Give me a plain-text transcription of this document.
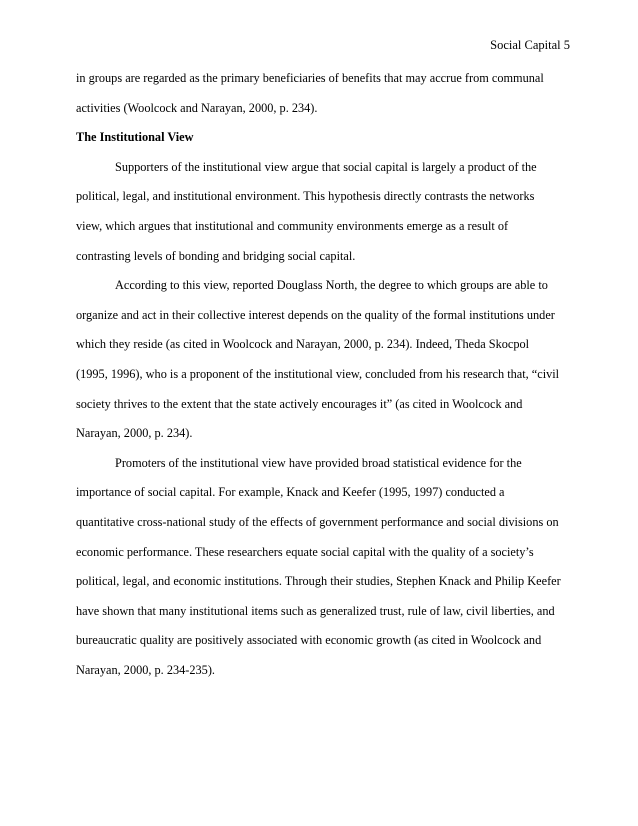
Social Capital 5
in groups are regarded as the primary beneficiaries of benefits that may accrue from communal
activities (Woolcock and Narayan, 2000, p. 234).
The Institutional View
Supporters of the institutional view argue that social capital is largely a product of the
political, legal, and institutional environment. This hypothesis directly contrasts the networks
view, which argues that institutional and community environments emerge as a result of
contrasting levels of bonding and bridging social capital.
According to this view, reported Douglass North, the degree to which groups are able to
organize and act in their collective interest depends on the quality of the formal institutions under
which they reside (as cited in Woolcock and Narayan, 2000, p. 234). Indeed, Theda Skocpol
(1995, 1996), who is a proponent of the institutional view, concluded from his research that, “civil
society thrives to the extent that the state actively encourages it” (as cited in Woolcock and
Narayan, 2000, p. 234).
Promoters of the institutional view have provided broad statistical evidence for the
importance of social capital. For example, Knack and Keefer (1995, 1997) conducted a
quantitative cross-national study of the effects of government performance and social divisions on
economic performance. These researchers equate social capital with the quality of a society’s
political, legal, and economic institutions. Through their studies, Stephen Knack and Philip Keefer
have shown that many institutional items such as generalized trust, rule of law, civil liberties, and
bureaucratic quality are positively associated with economic growth (as cited in Woolcock and
Narayan, 2000, p. 234-235).
